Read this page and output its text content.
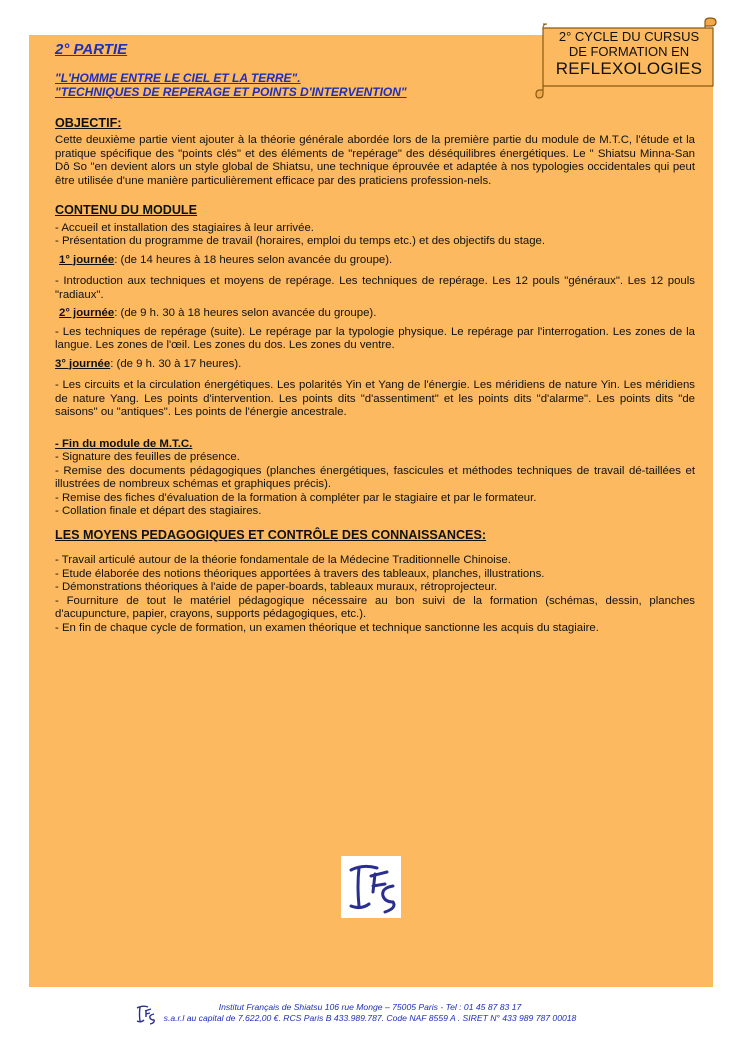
2° CYCLE DU CURSUS
DE FORMATION EN
REFLEXOLOGIES
2° PARTIE
"L'HOMME ENTRE LE CIEL ET LA TERRE".
"TECHNIQUES DE REPERAGE ET POINTS D'INTERVENTION"
OBJECTIF:

Cette deuxième partie vient ajouter à la théorie générale abordée lors de la première partie du module de M.T.C, l'étude et la pratique spécifique des "points clés" et des éléments de "repérage" des déséquilibres énergétiques. Le " Shiatsu Minna-San Dô So "en devient alors un style global de Shiatsu, une technique éprouvée et adaptée à nos typologies occidentales qui peut être utilisée d'une manière particulièrement efficace par des praticiens profession-nels.

CONTENU DU MODULE

- Accueil et installation des stagiaires à leur arrivée.

- Présentation du programme de travail (horaires, emploi du temps etc.) et des objectifs du stage.

1° journée: (de 14 heures à 18 heures selon avancée du groupe).

- Introduction aux techniques et moyens de repérage. Les techniques de repérage. Les 12 pouls "généraux". Les 12 pouls "radiaux".

2° journée: (de 9 h. 30 à 18 heures selon avancée du groupe).

- Les techniques de repérage (suite). Le repérage par la typologie physique. Le repérage par l'interrogation. Les zones de la langue. Les zones de l'œil. Les zones du dos. Les zones du ventre.

3° journée: (de 9 h. 30 à 17 heures).

- Les circuits et la circulation énergétiques. Les polarités Yin et Yang de l'énergie. Les méridiens de nature Yin. Les méridiens de nature Yang. Les points d'intervention. Les points dits "d'assentiment" et les points dits "d'alarme". Les points dits "de saisons" ou "antiques". Les points de l'énergie ancestrale.

- Fin du module de M.T.C.

- Signature des feuilles de présence.

- Remise des documents pédagogiques (planches énergétiques, fascicules et méthodes techniques de travail dé-taillées et illustrées de nombreux schémas et graphiques précis).

- Remise des fiches d'évaluation de la formation à compléter par le stagiaire et par le formateur.

- Collation finale et départ des stagiaires.

LES MOYENS PEDAGOGIQUES ET CONTRÔLE DES CONNAISSANCES:

- Travail articulé autour de la théorie fondamentale de la Médecine Traditionnelle Chinoise.

- Etude élaborée des notions théoriques apportées à travers des tableaux, planches, illustrations.

- Démonstrations théoriques à l'aide de paper-boards, tableaux muraux, rétroprojecteur.

- Fourniture de tout le matériel pédagogique nécessaire au bon suivi de la formation (schémas, dessin, planches d'acupuncture, papier, crayons, supports pédagogiques, etc.).

- En fin de chaque cycle de formation, un examen théorique et technique sanctionne les acquis du stagiaire.

Institut Français de Shiatsu 106 rue Monge – 75005 Paris - Tel : 01 45 87 83 17
s.a.r.l au capital de 7.622,00 €. RCS Paris B 433.989.787. Code NAF 8559 A . SIRET N° 433 989 787 00018
